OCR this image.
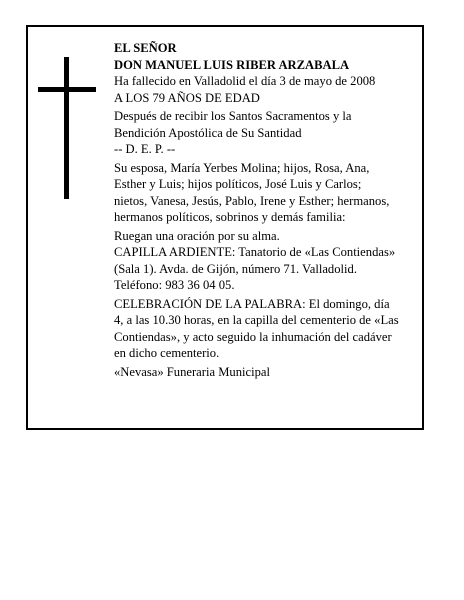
EL SEÑOR
DON MANUEL LUIS RIBER ARZABALA
Ha fallecido en Valladolid el día 3 de mayo de 2008
A LOS 79 AÑOS DE EDAD
Después de recibir los Santos Sacramentos y la
Bendición Apostólica de Su Santidad
-- D. E. P. --
Su esposa, María Yerbes Molina; hijos, Rosa, Ana,
Esther y Luis; hijos políticos, José Luis y Carlos;
nietos, Vanesa, Jesús, Pablo, Irene y Esther; hermanos,
hermanos políticos, sobrinos y demás familia:
Ruegan una oración por su alma.
CAPILLA ARDIENTE: Tanatorio de «Las Contiendas»
(Sala 1). Avda. de Gijón, número 71. Valladolid.
Teléfono: 983 36 04 05.
CELEBRACIÓN DE LA PALABRA: El domingo, día
4, a las 10.30 horas, en la capilla del cementerio de «Las
Contiendas», y acto seguido la inhumación del cadáver
en dicho cementerio.
«Nevasa» Funeraria Municipal
